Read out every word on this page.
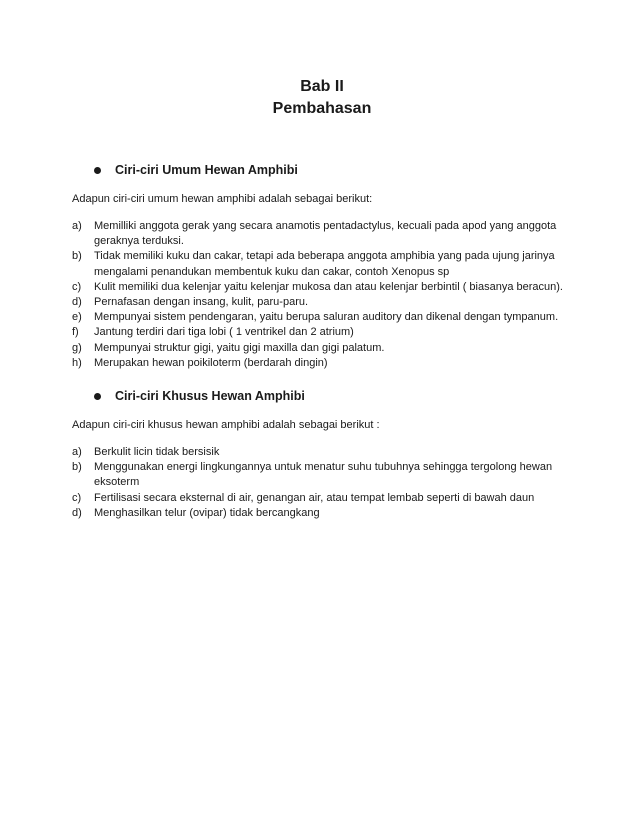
Bab II
Pembahasan
Ciri-ciri Umum Hewan Amphibi
Adapun ciri-ciri umum hewan amphibi adalah sebagai berikut:
a)	Memilliki anggota gerak yang secara anamotis pentadactylus, kecuali pada apod yang anggota geraknya terduksi.
b)	Tidak memiliki kuku dan cakar, tetapi ada beberapa anggota amphibia yang pada ujung jarinya mengalami penandukan membentuk kuku dan cakar, contoh Xenopus sp
c)	Kulit memiliki dua kelenjar yaitu kelenjar mukosa dan atau kelenjar berbintil ( biasanya beracun).
d)	Pernafasan dengan insang, kulit, paru-paru.
e)	Mempunyai sistem pendengaran, yaitu berupa saluran auditory dan dikenal dengan tympanum.
f)	Jantung terdiri dari tiga lobi ( 1 ventrikel dan 2 atrium)
g)	Mempunyai struktur gigi, yaitu gigi maxilla dan gigi palatum.
h)	Merupakan hewan poikiloterm (berdarah dingin)
Ciri-ciri Khusus Hewan Amphibi
Adapun ciri-ciri khusus hewan amphibi adalah sebagai berikut :
a)	Berkulit licin tidak bersisik
b)	Menggunakan energi lingkungannya untuk menatur suhu tubuhnya sehingga tergolong hewan eksoterm
c)	Fertilisasi secara eksternal di air, genangan air, atau tempat lembab seperti di bawah daun
d)	Menghasilkan telur (ovipar) tidak bercangkang
